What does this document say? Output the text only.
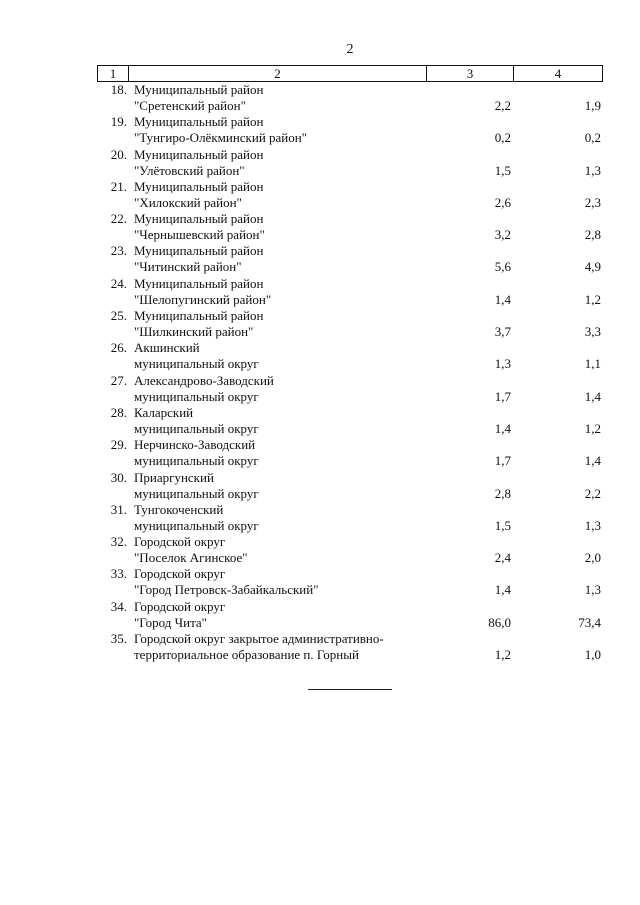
2
1	2	3	4
18. Муниципальный район
"Сретенский район"	2,2	1,9
19. Муниципальный район
"Тунгиро-Олёкминский район"	0,2	0,2
20. Муниципальный район
"Улётовский район"	1,5	1,3
21. Муниципальный район
"Хилокский район"	2,6	2,3
22. Муниципальный район
"Чернышевский район"	3,2	2,8
23. Муниципальный район
"Читинский район"	5,6	4,9
24. Муниципальный район
"Шелопугинский район"	1,4	1,2
25. Муниципальный район
"Шилкинский район"	3,7	3,3
26. Акшинский
муниципальный округ	1,3	1,1
27. Александрово-Заводский
муниципальный округ	1,7	1,4
28. Каларский
муниципальный округ	1,4	1,2
29. Нерчинско-Заводский
муниципальный округ	1,7	1,4
30. Приаргунский
муниципальный округ	2,8	2,2
31. Тунгокоченский
муниципальный округ	1,5	1,3
32. Городской округ
"Поселок Агинское"	2,4	2,0
33. Городской округ
"Город Петровск-Забайкальский"	1,4	1,3
34. Городской округ
"Город Чита"	86,0	73,4
35. Городской округ закрытое административно-
территориальное образование п. Горный	1,2	1,0
